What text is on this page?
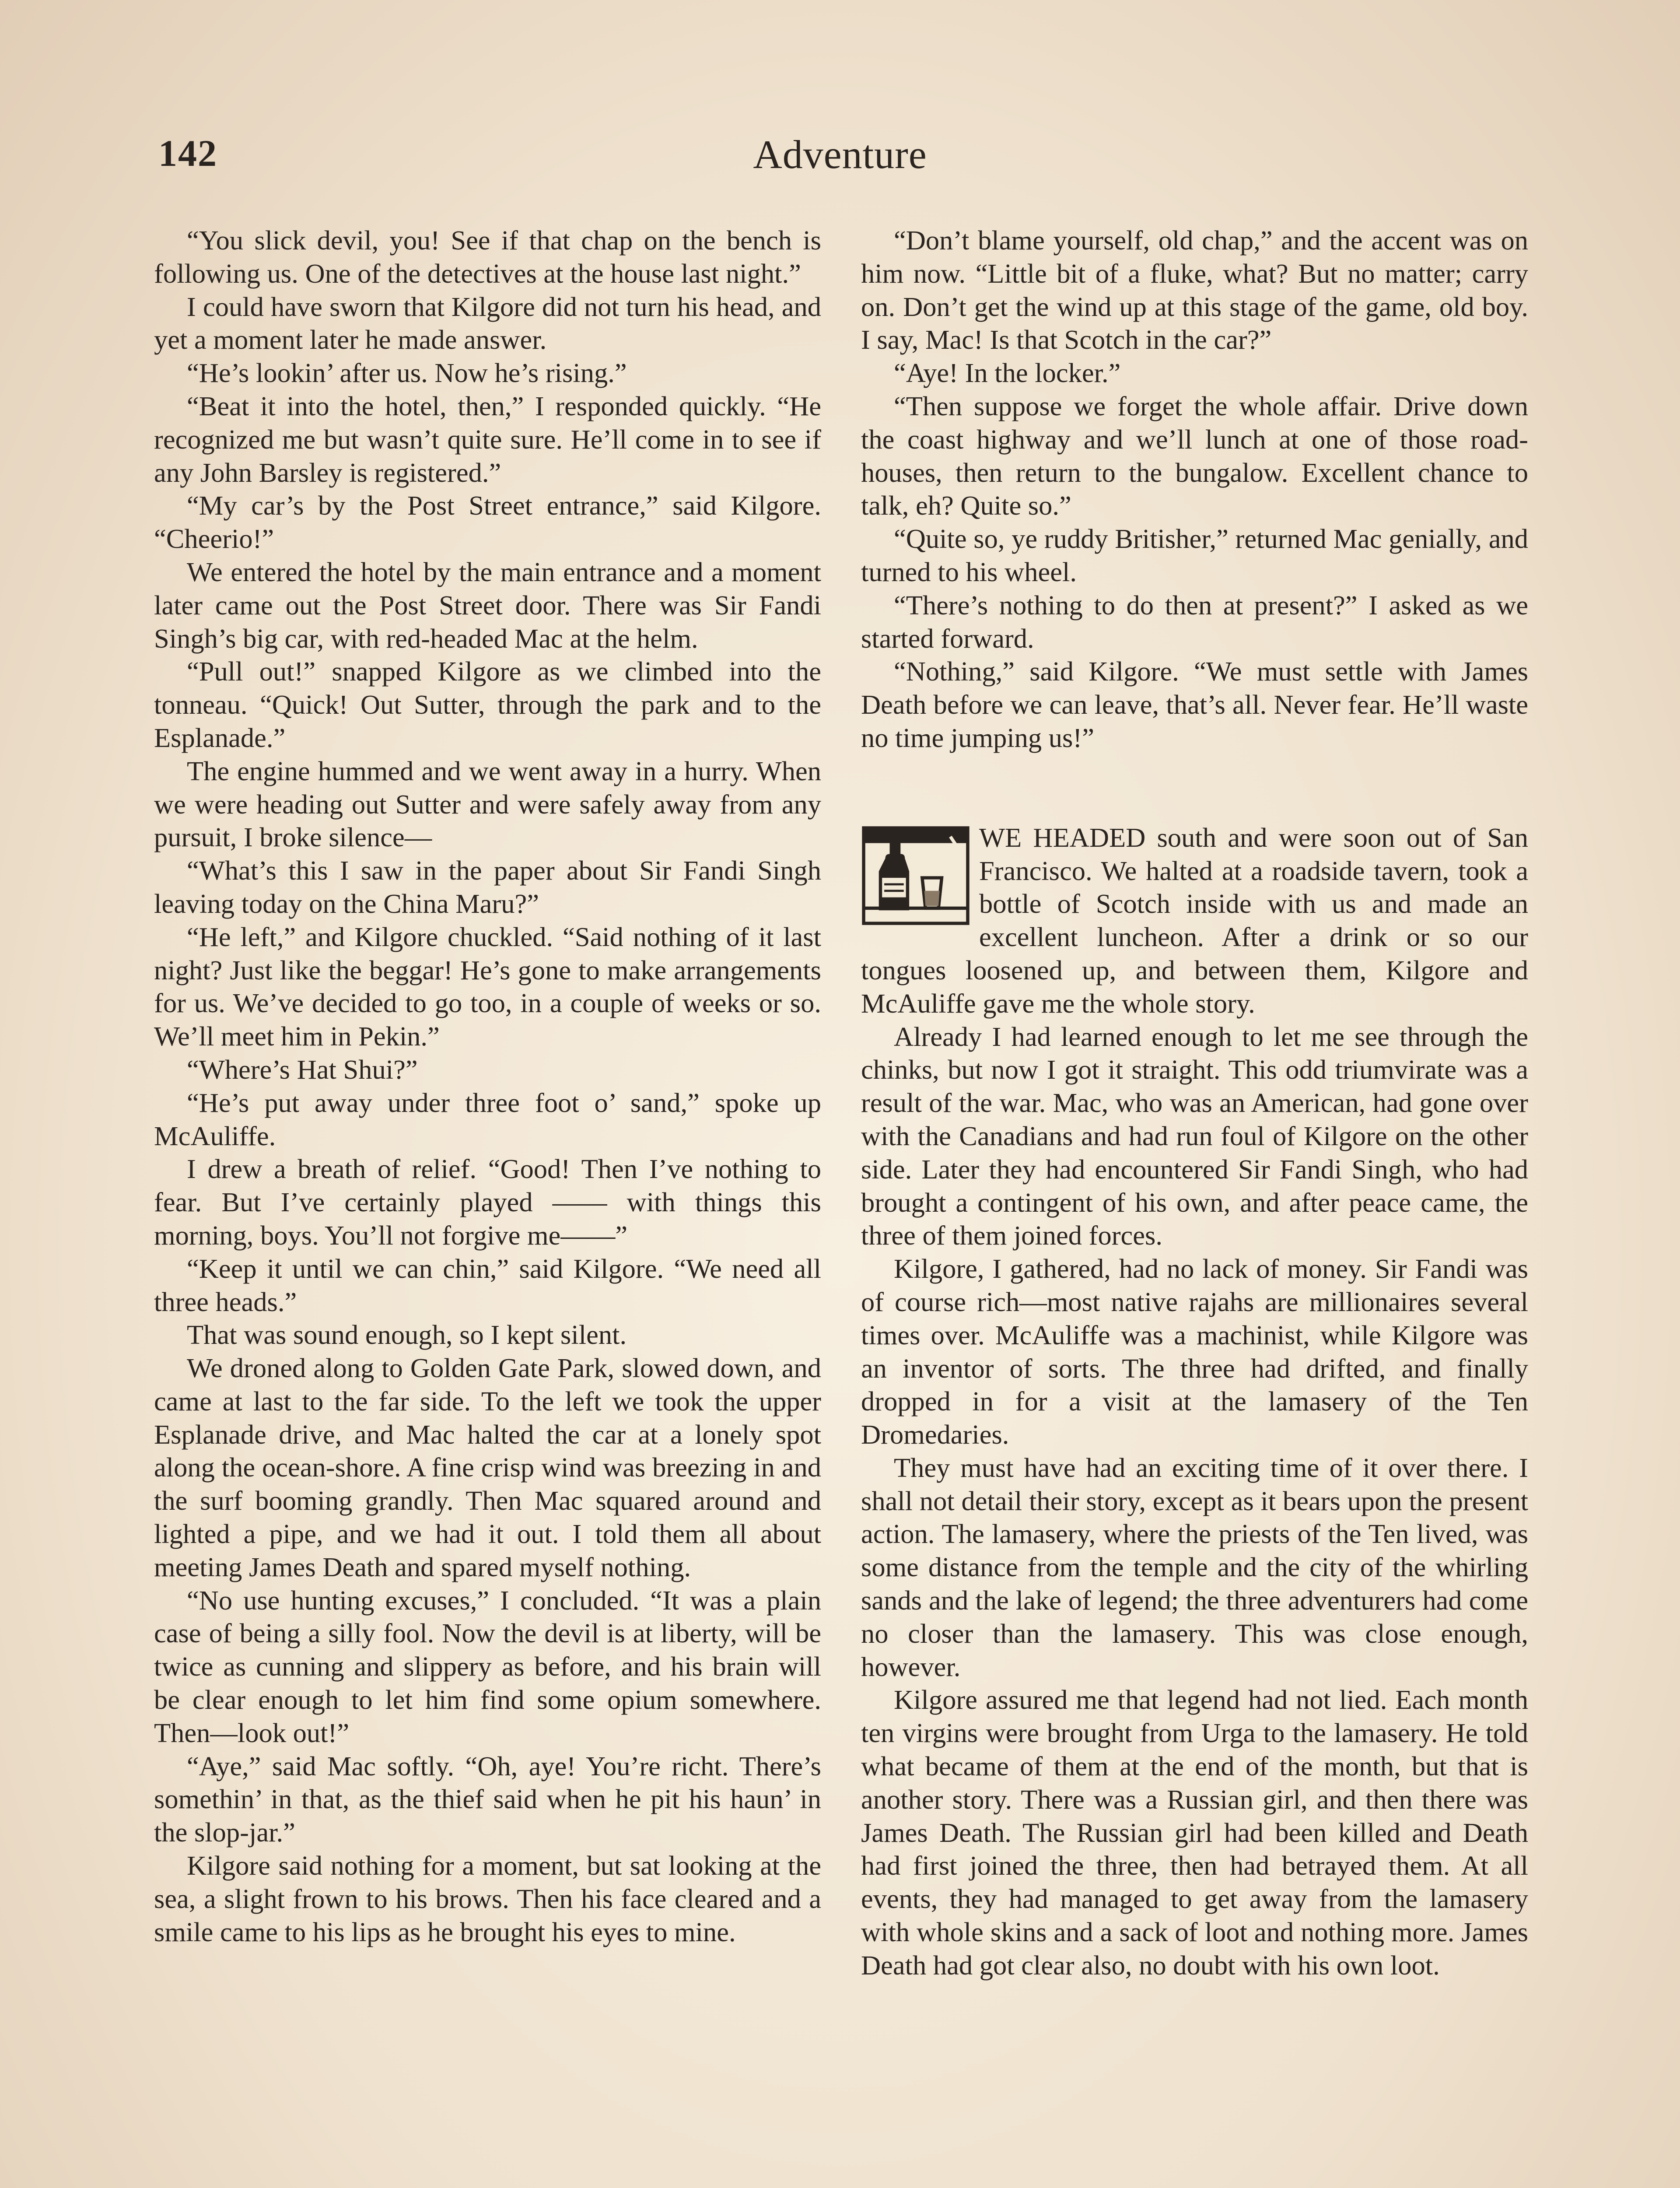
142	Adventure

“You slick devil, you! See if that chap on the bench is following us. One of the detectives at the house last night.”

I could have sworn that Kilgore did not turn his head, and yet a moment later he made answer.

“He’s lookin’ after us. Now he’s rising.”

“Beat it into the hotel, then,” I responded quickly. “He recognized me but wasn’t quite sure. He’ll come in to see if any John Barsley is registered.”

“My car’s by the Post Street entrance,” said Kilgore. “Cheerio!”

We entered the hotel by the main entrance and a moment later came out the Post Street door. There was Sir Fandi Singh’s big car, with red-headed Mac at the helm.

“Pull out!” snapped Kilgore as we climbed into the tonneau. “Quick! Out Sutter, through the park and to the Esplanade.”

The engine hummed and we went away in a hurry. When we were heading out Sutter and were safely away from any pursuit, I broke silence—

“What’s this I saw in the paper about Sir Fandi Singh leaving today on the China Maru?”

“He left,” and Kilgore chuckled. “Said nothing of it last night? Just like the beggar! He’s gone to make arrangements for us. We’ve decided to go too, in a couple of weeks or so. We’ll meet him in Pekin.”

“Where’s Hat Shui?”

“He’s put away under three foot o’ sand,” spoke up McAuliffe.

I drew a breath of relief. “Good! Then I’ve nothing to fear. But I’ve certainly played —— with things this morning, boys. You’ll not forgive me——”

“Keep it until we can chin,” said Kilgore. “We need all three heads.”

That was sound enough, so I kept silent.

We droned along to Golden Gate Park, slowed down, and came at last to the far side. To the left we took the upper Esplanade drive, and Mac halted the car at a lonely spot along the ocean-shore. A fine crisp wind was breezing in and the surf booming grandly. Then Mac squared around and lighted a pipe, and we had it out. I told them all about meeting James Death and spared myself nothing.

“No use hunting excuses,” I concluded. “It was a plain case of being a silly fool. Now the devil is at liberty, will be twice as cunning and slippery as before, and his brain will be clear enough to let him find some opium somewhere. Then—look out!”

“Aye,” said Mac softly. “Oh, aye! You’re richt. There’s somethin’ in that, as the thief said when he pit his haun’ in the slop-jar.”

Kilgore said nothing for a moment, but sat looking at the sea, a slight frown to his brows. Then his face cleared and a smile came to his lips as he brought his eyes to mine.

“Don’t blame yourself, old chap,” and the accent was on him now. “Little bit of a fluke, what? But no matter; carry on. Don’t get the wind up at this stage of the game, old boy. I say, Mac! Is that Scotch in the car?”

“Aye! In the locker.”

“Then suppose we forget the whole affair. Drive down the coast highway and we’ll lunch at one of those road-houses, then return to the bungalow. Excellent chance to talk, eh? Quite so.”

“Quite so, ye ruddy Britisher,” returned Mac genially, and turned to his wheel.

“There’s nothing to do then at present?” I asked as we started forward.

“Nothing,” said Kilgore. “We must settle with James Death before we can leave, that’s all. Never fear. He’ll waste no time jumping us!”

WE HEADED south and were soon out of San Francisco. We halted at a roadside tavern, took a bottle of Scotch inside with us and made an excellent luncheon. After a drink or so our tongues loosened up, and between them, Kilgore and McAuliffe gave me the whole story.

Already I had learned enough to let me see through the chinks, but now I got it straight. This odd triumvirate was a result of the war. Mac, who was an American, had gone over with the Canadians and had run foul of Kilgore on the other side. Later they had encountered Sir Fandi Singh, who had brought a contingent of his own, and after peace came, the three of them joined forces.

Kilgore, I gathered, had no lack of money. Sir Fandi was of course rich—most native rajahs are millionaires several times over. McAuliffe was a machinist, while Kilgore was an inventor of sorts. The three had drifted, and finally dropped in for a visit at the lamasery of the Ten Dromedaries.

They must have had an exciting time of it over there. I shall not detail their story, except as it bears upon the present action. The lamasery, where the priests of the Ten lived, was some distance from the temple and the city of the whirling sands and the lake of legend; the three adventurers had come no closer than the lamasery. This was close enough, however.

Kilgore assured me that legend had not lied. Each month ten virgins were brought from Urga to the lamasery. He told what became of them at the end of the month, but that is another story. There was a Russian girl, and then there was James Death. The Russian girl had been killed and Death had first joined the three, then had betrayed them. At all events, they had managed to get away from the lamasery with whole skins and a sack of loot and nothing more. James Death had got clear also, no doubt with his own loot.
